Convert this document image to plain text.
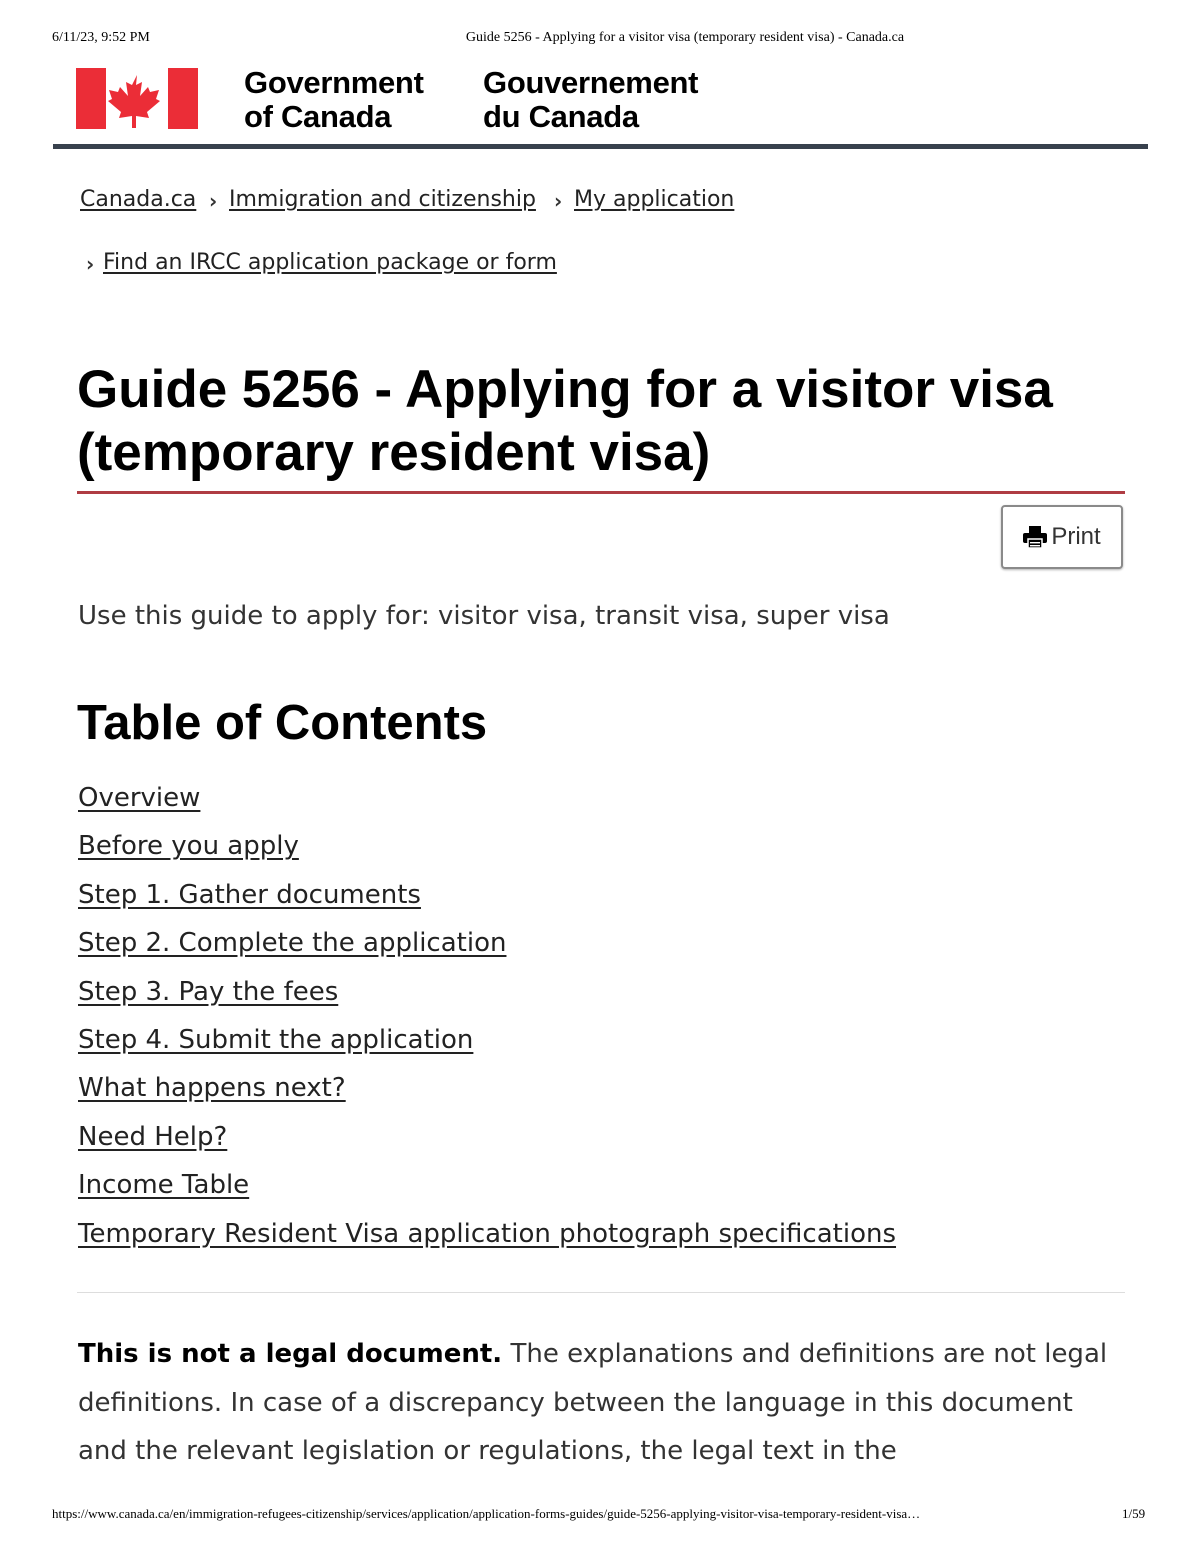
6/11/23, 9:52 PM	Guide 5256 - Applying for a visitor visa (temporary resident visa) - Canada.ca
Government
of Canada
Gouvernement
du Canada
Canada.ca › Immigration and citizenship › My application
› Find an IRCC application package or form
Guide 5256 - Applying for a visitor visa
(temporary resident visa)
Print

Use this guide to apply for: visitor visa, transit visa, super visa

Table of Contents
Overview
Before you apply
Step 1. Gather documents
Step 2. Complete the application
Step 3. Pay the fees
Step 4. Submit the application
What happens next?
Need Help?
Income Table
Temporary Resident Visa application photograph specifications

This is not a legal document. The explanations and definitions are not legal definitions. In case of a discrepancy between the language in this document and the relevant legislation or regulations, the legal text in the

https://www.canada.ca/en/immigration-refugees-citizenship/services/application/application-forms-guides/guide-5256-applying-visitor-visa-temporary-resident-visa…	1/59
